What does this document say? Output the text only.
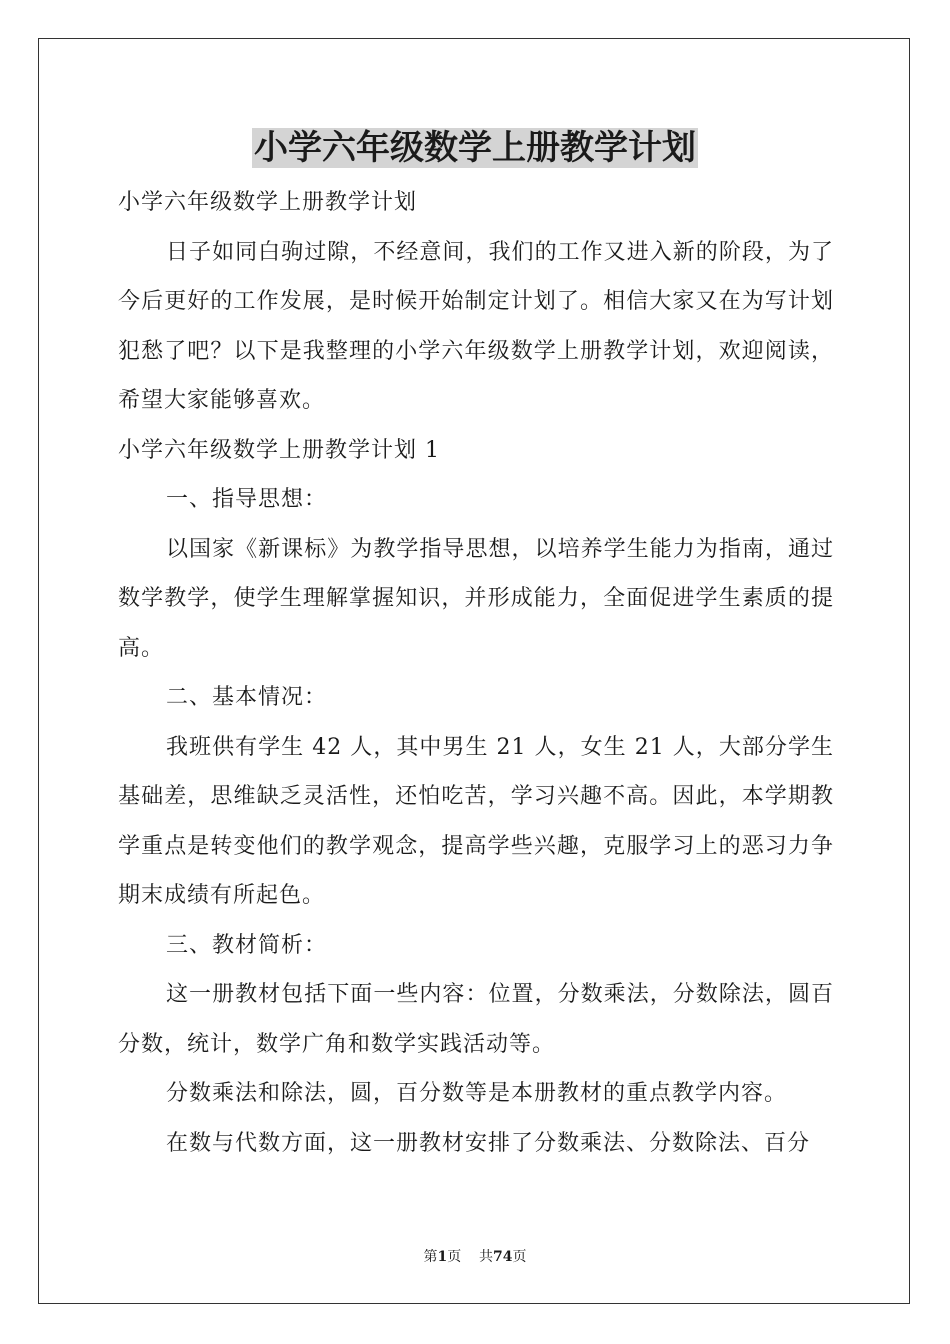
小学六年级数学上册教学计划

小学六年级数学上册教学计划

日子如同白驹过隙，不经意间，我们的工作又进入新的阶段，为了今后更好的工作发展，是时候开始制定计划了。相信大家又在为写计划犯愁了吧？以下是我整理的小学六年级数学上册教学计划，欢迎阅读，希望大家能够喜欢。

小学六年级数学上册教学计划 1

一、指导思想：

以国家《新课标》为教学指导思想，以培养学生能力为指南，通过数学教学，使学生理解掌握知识，并形成能力，全面促进学生素质的提高。

二、基本情况：

我班供有学生 42 人，其中男生 21 人，女生 21 人，大部分学生基础差，思维缺乏灵活性，还怕吃苦，学习兴趣不高。因此，本学期教学重点是转变他们的教学观念，提高学些兴趣，克服学习上的恶习力争期末成绩有所起色。

三、教材简析：

这一册教材包括下面一些内容：位置，分数乘法，分数除法，圆百分数，统计，数学广角和数学实践活动等。

分数乘法和除法，圆，百分数等是本册教材的重点教学内容。

在数与代数方面，这一册教材安排了分数乘法、分数除法、百分

第1页 共74页
